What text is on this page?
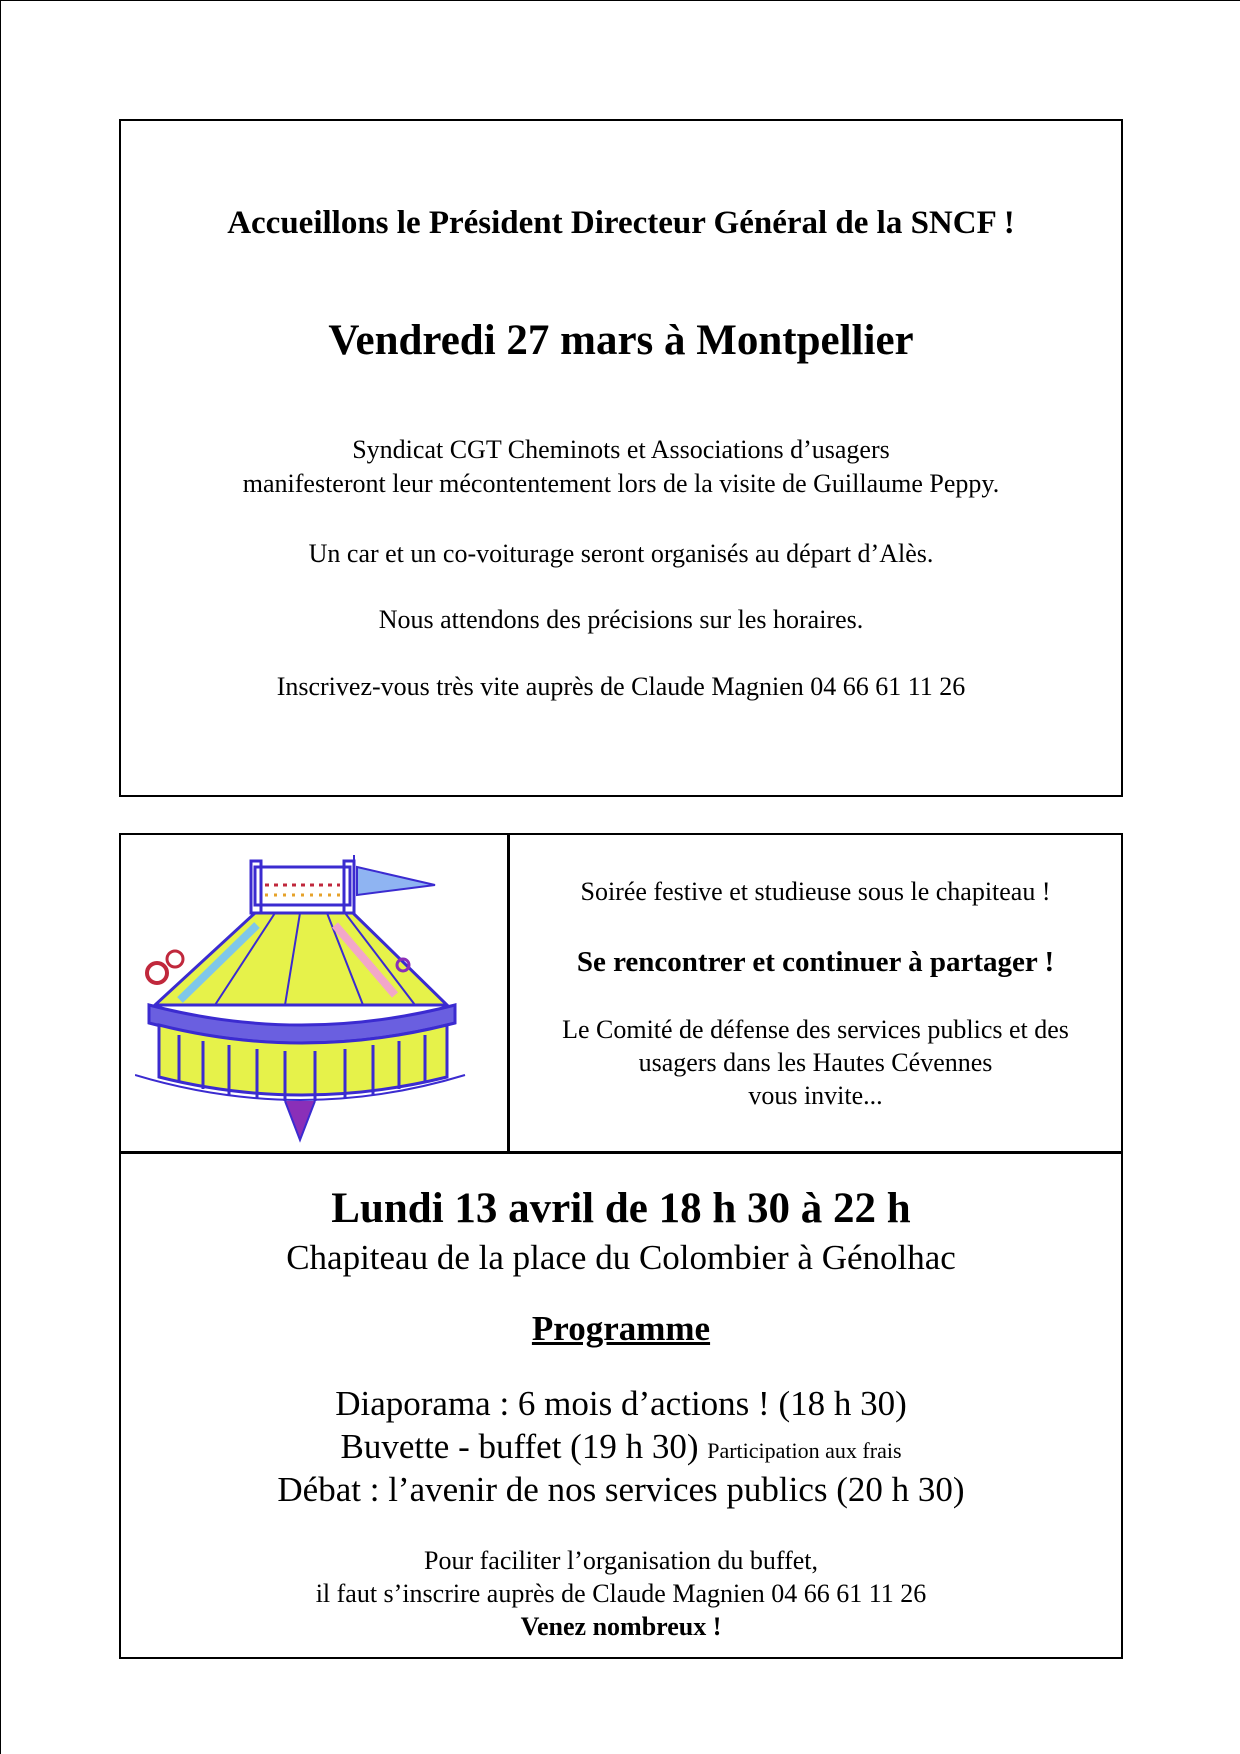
Accueillons le Président Directeur Général de la SNCF !
Vendredi 27 mars à Montpellier
Syndicat CGT Cheminots et Associations d’usagers
manifesteront leur mécontentement lors de la visite de Guillaume Peppy.
Un car et un co-voiturage seront organisés au départ d’Alès.
Nous attendons des précisions sur les horaires.
Inscrivez-vous très vite auprès de Claude Magnien 04 66 61 11 26
Soirée festive et studieuse sous le chapiteau !
Se rencontrer et continuer à partager !
Le Comité de défense des services publics et des
usagers dans les Hautes Cévennes
vous invite...
Lundi 13 avril de 18 h 30 à 22 h
Chapiteau de la place du Colombier à Génolhac
Programme
Diaporama : 6 mois d’actions ! (18 h 30)
Buvette - buffet (19 h 30) Participation aux frais
Débat : l’avenir de nos services publics (20 h 30)
Pour faciliter l’organisation du buffet,
il faut s’inscrire auprès de Claude Magnien 04 66 61 11 26
Venez nombreux !
